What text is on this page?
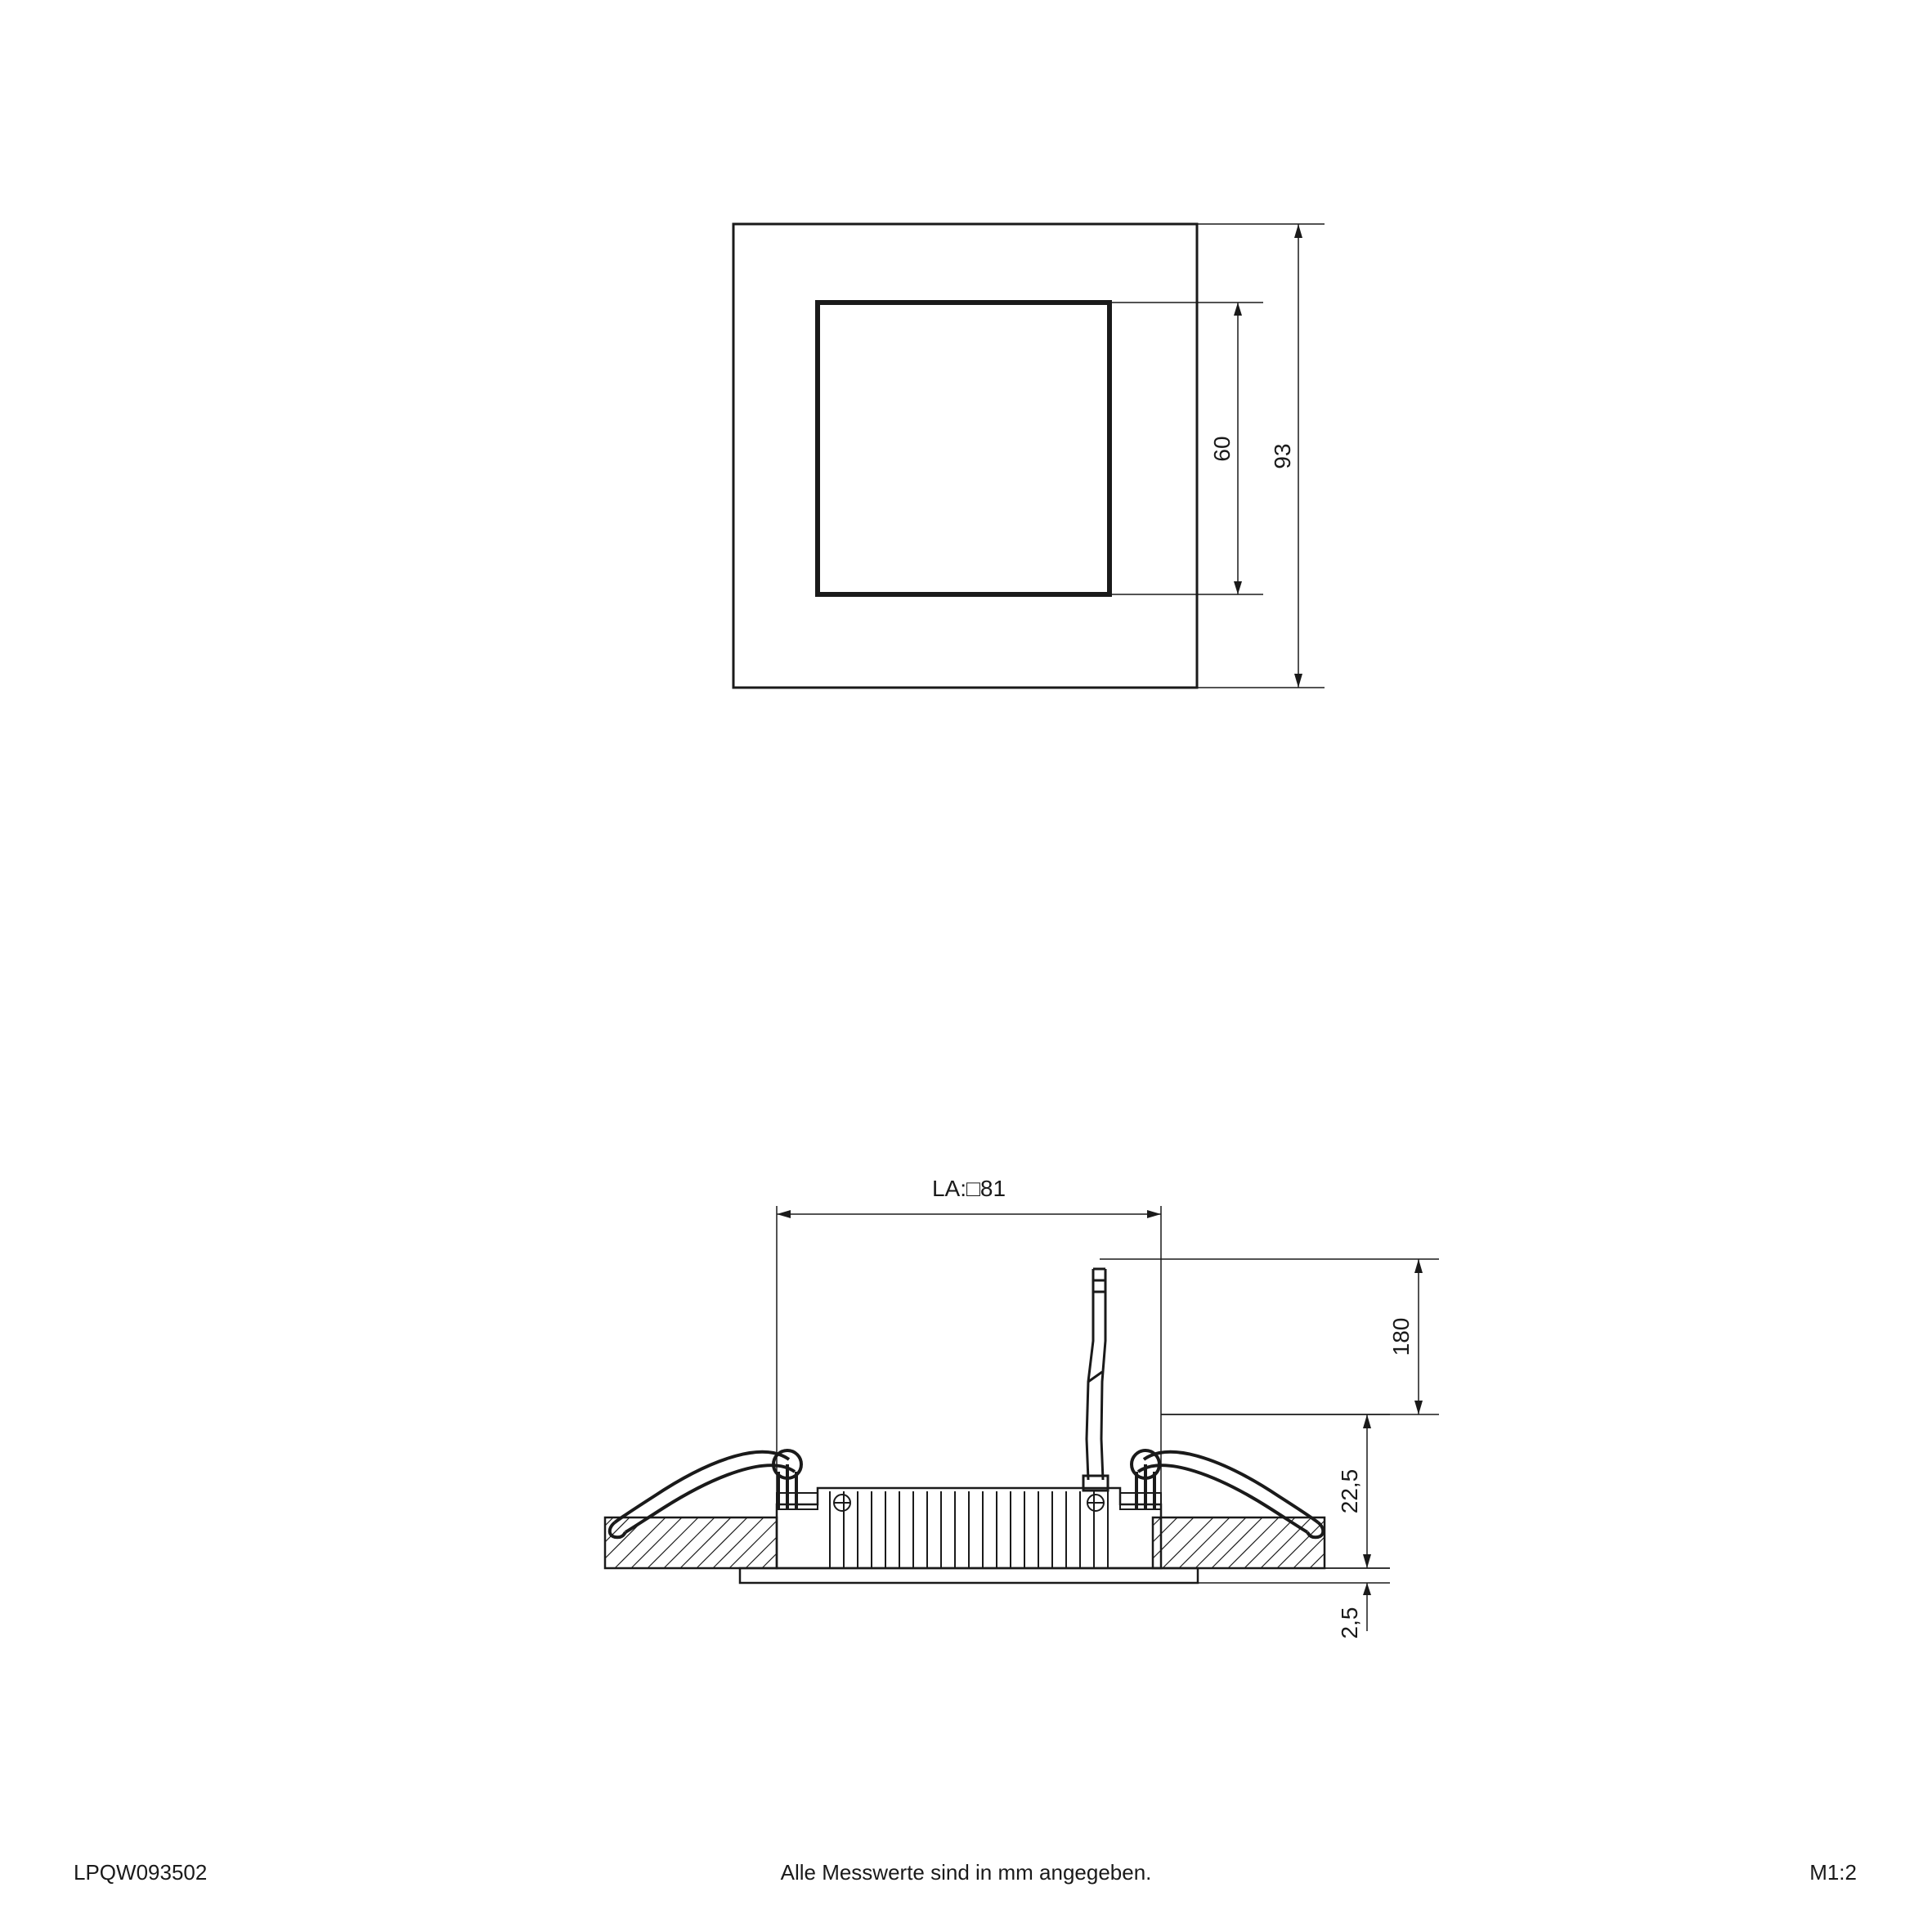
60 93
LA:□81
180
22,5
2,5
LPQW093502	Alle Messwerte sind in mm angegeben.	M1:2
